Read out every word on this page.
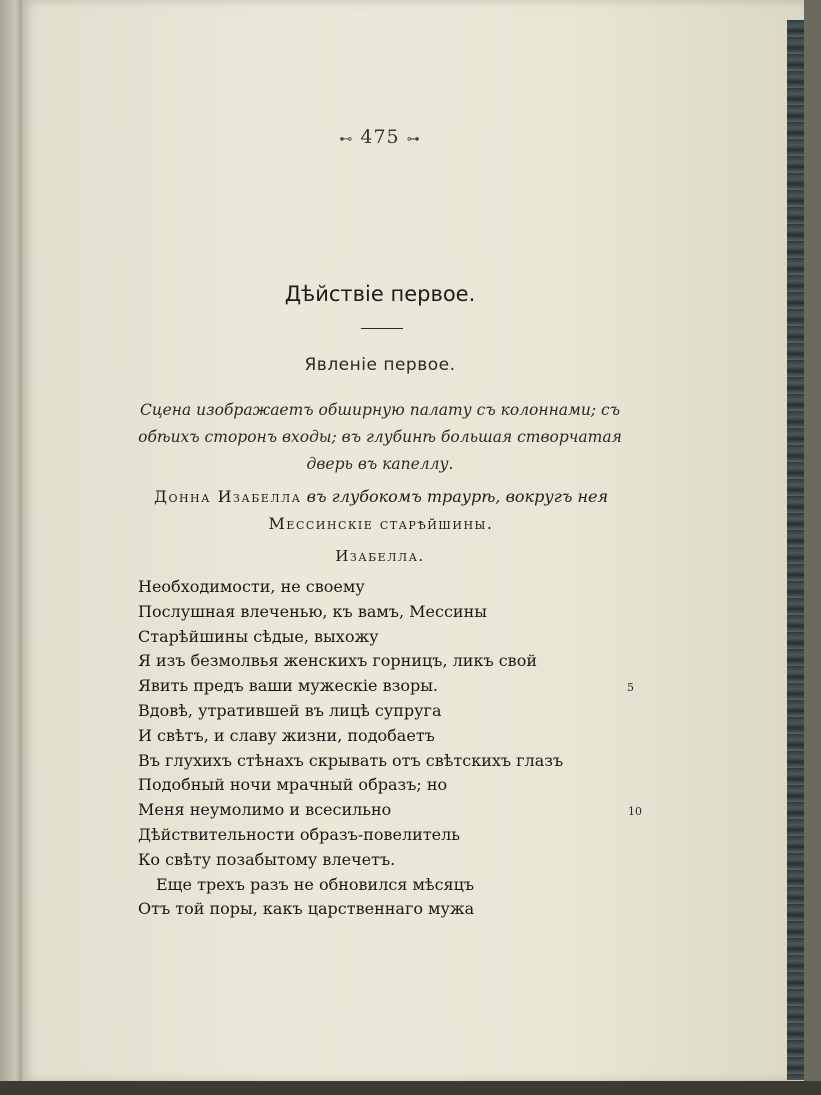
⊷ 475 ⊶
Дѣйствіе первое.
Явленіе первое.
Сцена изображаетъ обширную палату съ колоннами; съ обѣихъ сторонъ входы; въ глубинѣ большая створчатая дверь въ капеллу.
Донна Изабелла въ глубокомъ трaурѣ, вокругъ нея
Мессинскіе старѣйшины.
Изабелла.
Необходимости, не своему
Послушная влеченью, къ вамъ, Мессины
Старѣйшины сѣдые, выхожу
Я изъ безмолвья женскихъ горницъ, ликъ свой
Явить предъ ваши мужескіе взоры.
Вдовѣ, утратившей въ лицѣ супруга
И свѣтъ, и славу жизни, подобаетъ
Въ глухихъ стѣнахъ скрывать отъ свѣтскихъ глазъ
Подобный ночи мрачный образъ; но
Меня неумолимо и всесильно
Дѣйствительности образъ-повелитель
Ко свѣту позабытому влечетъ.
Еще трехъ разъ не обновился мѣсяцъ
Отъ той поры, какъ царственнаго мужа
5
10
